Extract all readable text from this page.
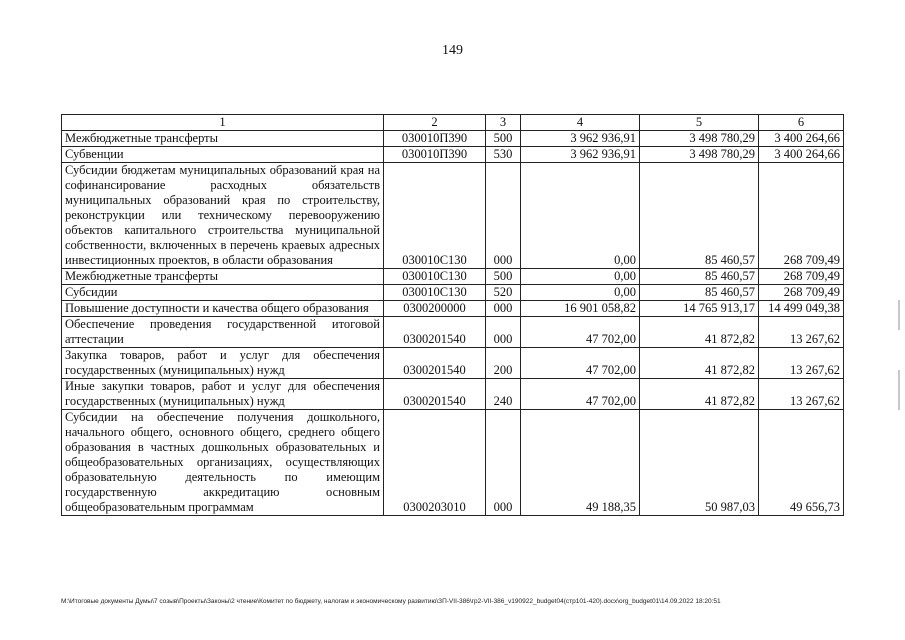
149
1	2	3	4	5	6
Межбюджетные трансферты	030010П390	500	3 962 936,91	3 498 780,29	3 400 264,66
Субвенции	030010П390	530	3 962 936,91	3 498 780,29	3 400 264,66
Субсидии бюджетам муниципальных образований края на софинансирование расходных обязательств муниципальных образований края по строительству, реконструкции или техническому перевооружению объектов капитального строительства муниципальной собственности, включенных в перечень краевых адресных инвестиционных проектов, в области образования	030010С130	000	0,00	85 460,57	268 709,49
Межбюджетные трансферты	030010С130	500	0,00	85 460,57	268 709,49
Субсидии	030010С130	520	0,00	85 460,57	268 709,49
Повышение доступности и качества общего образования	0300200000	000	16 901 058,82	14 765 913,17	14 499 049,38
Обеспечение проведения государственной итоговой аттестации	0300201540	000	47 702,00	41 872,82	13 267,62
Закупка товаров, работ и услуг для обеспечения государственных (муниципальных) нужд	0300201540	200	47 702,00	41 872,82	13 267,62
Иные закупки товаров, работ и услуг для обеспечения государственных (муниципальных) нужд	0300201540	240	47 702,00	41 872,82	13 267,62
Субсидии на обеспечение получения дошкольного, начального общего, основного общего, среднего общего образования в частных дошкольных образовательных и общеобразовательных организациях, осуществляющих образовательную деятельность по имеющим государственную аккредитацию основным общеобразовательным программам	0300203010	000	49 188,35	50 987,03	49 656,73
M:\Итоговые документы Думы\7 созыв\Проекты\Законы\2 чтение\Комитет по бюджету, налогам и экономическому развитию\ЗП-VII-386\гр2-VII-386_v190922_budget04(стр101-420).docx\org_budget01\14.09.2022 18:20:51
